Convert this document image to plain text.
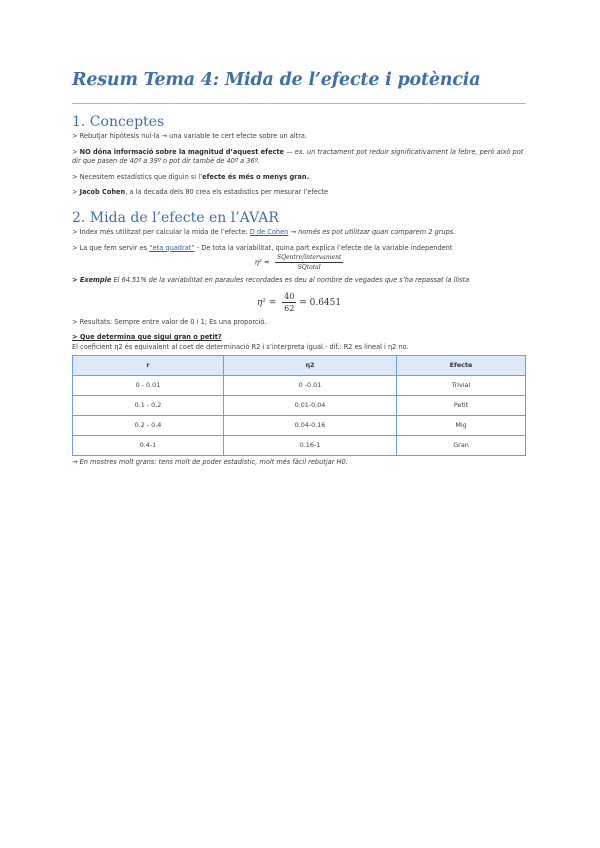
Resum Tema 4: Mida de l’efecte i potència
1. Conceptes

> Rebutjar hipòtesis nul·la → una variable te cert efecte sobre un altra.

> NO dóna informació sobre la magnitud d’aquest efecte — ex. un tractament pot reduir significativament la febre, però això pot dir que pasen de 40º a 39º o pot dir també de 40º a 36º.

> Necesitem estadístics que diguin si l’efecte és més o menys gran.

> Jacob Cohen, a la decada dels 80 crea els estadistics per mesurar l’efecte

2. Mida de l’efecte en l’AVAR

> Índex més utilitzat per calcular la mida de l’efecte: D de Cohen → només es pot utilitzar quan comparem 2 grups.

> La que fem servir es “eta quadrat” - De tota la variabilitat, quina part explica l’efecte de la variable independent

$\eta^2 = \frac{\text{SQentre/intervament}}{\text{SQtotal}}$

> Exemple El 64.51% de la variabilitat en paraules recordades es deu al nombre de vegades que s’ha repassat la llista

$\eta^2 = \frac{40}{62} = 0.6451$

> Resultats: Sempre entre valor de 0 i 1; Es una proporció.

> Que determina que sigui gran o petit?

El coeficient η2 és equivalent al coet de determinació R2 i s’interpreta igual.- dif.: R2 es lineal i η2 no.

r	η2	Efecte
0 - 0.01	0 -0.01	Trivial
0.1 - 0,2	0.01-0.04	Petit
0.2 - 0.4	0.04-0.16	Mig
0.4-1	0.16-1	Gran

→ En mostres molt grans: tens molt de poder estadístic, molt més fàcil rebutjar H0.
